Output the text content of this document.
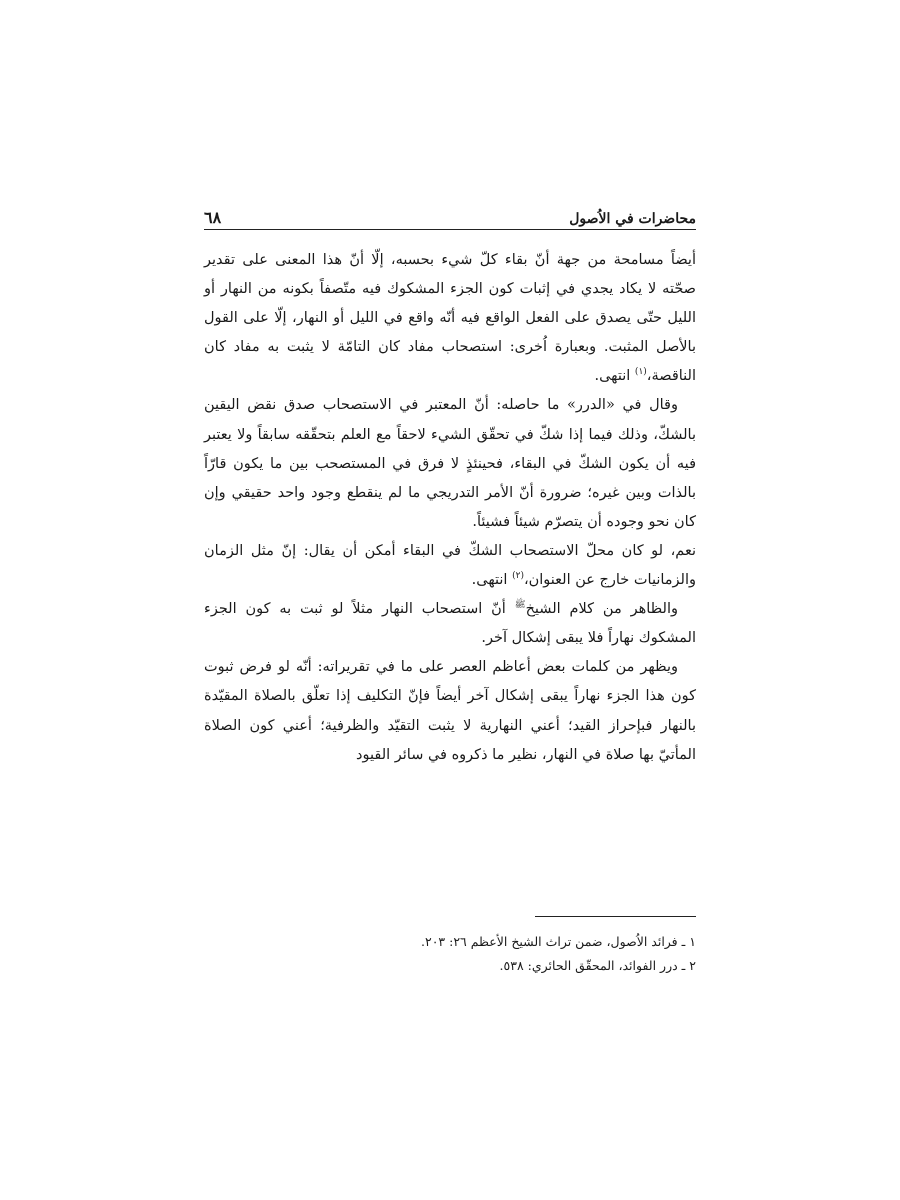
محاضرات في الاُصول
٦٨

أيضاً مسامحة من جهة أنّ بقاء كلّ شيء بحسبه، إلّا أنّ هذا المعنى على تقدير صحّته لا يكاد يجدي في إثبات كون الجزء المشكوك فيه متّصفاً بكونه من النهار أو الليل حتّى يصدق على الفعل الواقع فيه أنّه واقع في الليل أو النهار، إلّا على القول بالأصل المثبت. وبعبارة اُخرى: استصحاب مفاد كان التامّة لا يثبت به مفاد كان الناقصة،$^{(١)}$ انتهى.

وقال في «الدرر» ما حاصله: أنّ المعتبر في الاستصحاب صدق نقض اليقين بالشكّ، وذلك فيما إذا شكّ في تحقّق الشيء لاحقاً مع العلم بتحقّقه سابقاً ولا يعتبر فيه أن يكون الشكّ في البقاء، فحينئذٍ لا فرق في المستصحب بين ما يكون قارّاً بالذات وبين غيره؛ ضرورة أنّ الأمر التدريجي ما لم ينقطع وجود واحد حقيقي وإن كان نحو وجوده أن يتصرّم شيئاً فشيئاً.

نعم، لو كان محلّ الاستصحاب الشكّ في البقاء أمكن أن يقال: إنّ مثل الزمان والزمانيات خارج عن العنوان،$^{(٢)}$ انتهى.

والظاهر من كلام الشيخ$^ﷺ$ أنّ استصحاب النهار مثلاً لو ثبت به كون الجزء المشكوك نهاراً فلا يبقى إشكال آخر.

ويظهر من كلمات بعض أعاظم العصر على ما في تقريراته: أنّه لو فرض ثبوت كون هذا الجزء نهاراً يبقى إشكال آخر أيضاً فإنّ التكليف إذا تعلّق بالصلاة المقيّدة بالنهار فبإحراز القيد؛ أعني النهارية لا يثبت التقيّد والظرفية؛ أعني كون الصلاة المأتيّ بها صلاة في النهار، نظير ما ذكروه في سائر القيود

١ ـ فرائد الاُصول، ضمن تراث الشيخ الأعظم ٢٦: ٢٠٣.

٢ ـ درر الفوائد، المحقّق الحائري: ٥٣٨.
